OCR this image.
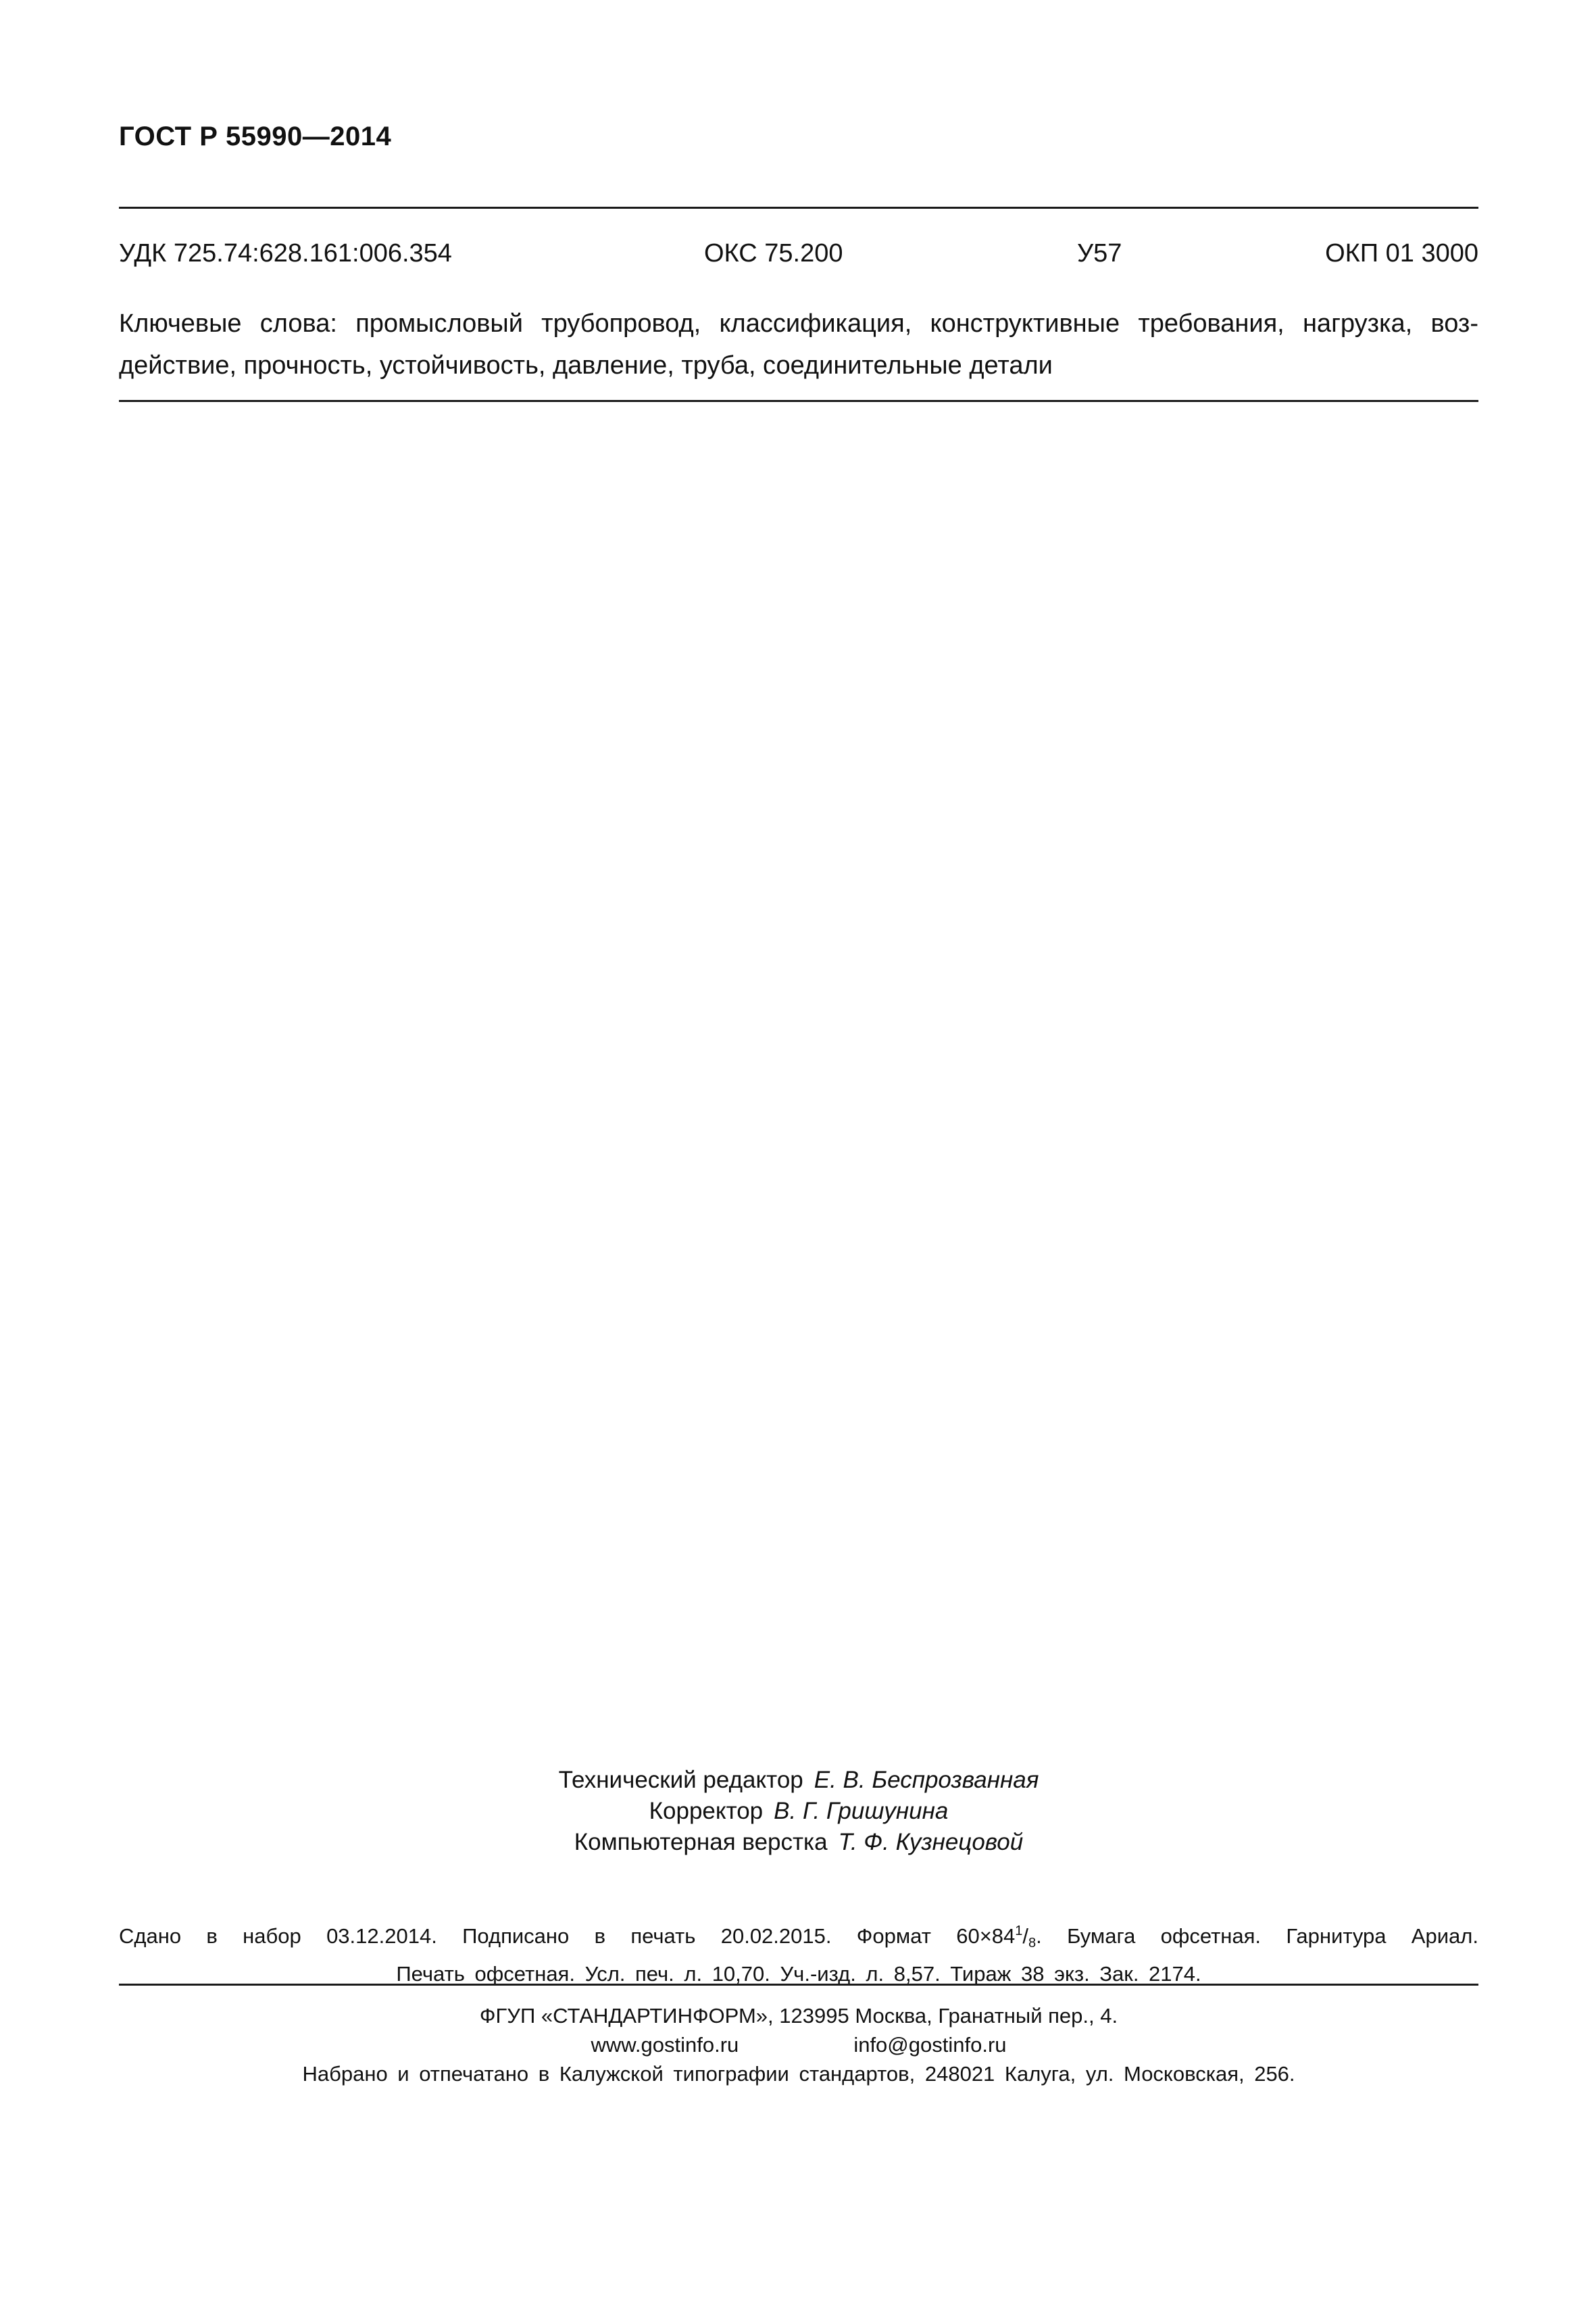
ГОСТ Р 55990—2014
УДК 725.74:628.161:006.354	ОКС 75.200	У57	ОКП 01 3000
Ключевые слова: промысловый трубопровод, классификация, конструктивные требования, нагрузка, воз-
действие, прочность, устойчивость, давление, труба, соединительные детали
Технический редактор Е. В. Беспрозванная
Корректор В. Г. Гришунина
Компьютерная верстка Т. Ф. Кузнецовой
Сдано в набор 03.12.2014. Подписано в печать 20.02.2015. Формат $60\times 84^1/_8$. Бумага офсетная. Гарнитура Ариал.
Печать офсетная. Усл. печ. л. 10,70. Уч.-изд. л. 8,57. Тираж 38 экз. Зак. 2174.
ФГУП «СТАНДАРТИНФОРМ», 123995 Москва, Гранатный пер., 4.
www.gostinfo.ru	info@gostinfo.ru
Набрано и отпечатано в Калужской типографии стандартов, 248021 Калуга, ул. Московская, 256.
